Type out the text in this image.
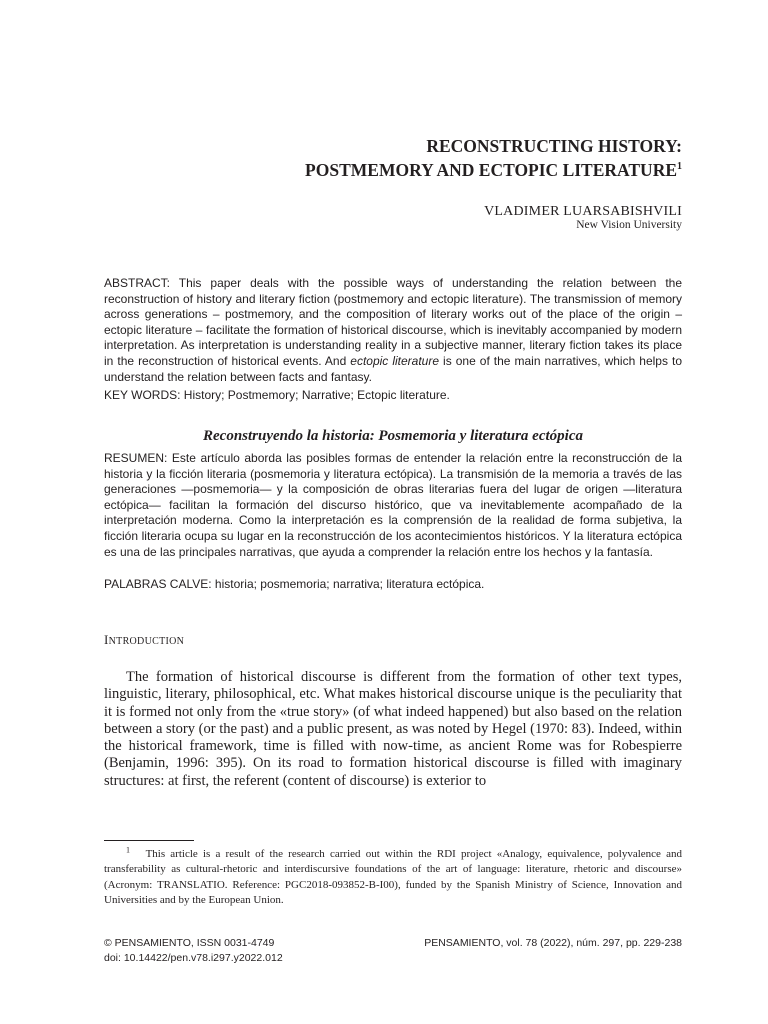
RECONSTRUCTING HISTORY:
POSTMEMORY AND ECTOPIC LITERATURE$^1$
VLADIMER LUARSABISHVILI
New Vision University

ABSTRACT: This paper deals with the possible ways of understanding the relation between the reconstruction of history and literary fiction (postmemory and ectopic literature). The transmission of memory across generations – postmemory, and the composition of literary works out of the place of the origin – ectopic literature – facilitate the formation of historical discourse, which is inevitably accompanied by modern interpretation. As interpretation is understanding reality in a subjective manner, literary fiction takes its place in the reconstruction of historical events. And ectopic literature is one of the main narratives, which helps to understand the relation between facts and fantasy.

KEY WORDS: History; Postmemory; Narrative; Ectopic literature.
Reconstruyendo la historia: Posmemoria y literatura ectópica

RESUMEN: Este artículo aborda las posibles formas de entender la relación entre la reconstrucción de la historia y la ficción literaria (posmemoria y literatura ectópica). La transmisión de la memoria a través de las generaciones —posmemoria— y la composición de obras literarias fuera del lugar de origen —literatura ectópica— facilitan la formación del discurso histórico, que va inevitablemente acompañado de la interpretación moderna. Como la interpretación es la comprensión de la realidad de forma subjetiva, la ficción literaria ocupa su lugar en la reconstrucción de los acontecimientos históricos. Y la literatura ectópica es una de las principales narrativas, que ayuda a comprender la relación entre los hechos y la fantasía.

PALABRAS CALVE: historia; posmemoria; narrativa; literatura ectópica.
INTRODUCTION

The formation of historical discourse is different from the formation of other text types, linguistic, literary, philosophical, etc. What makes historical discourse unique is the peculiarity that it is formed not only from the «true story» (of what indeed happened) but also based on the relation between a story (or the past) and a public present, as was noted by Hegel (1970: 83). Indeed, within the historical framework, time is filled with now-time, as ancient Rome was for Robespierre (Benjamin, 1996: 395). On its road to formation historical discourse is filled with imaginary structures: at first, the referent (content of discourse) is exterior to

$^1$ This article is a result of the research carried out within the RDI project «Analogy, equivalence, polyvalence and transferability as cultural-rhetoric and interdiscursive foundations of the art of language: literature, rhetoric and discourse» (Acronym: TRANSLATIO. Reference: PGC2018-093852-B-I00), funded by the Spanish Ministry of Science, Innovation and Universities and by the European Union.

© PENSAMIENTO, ISSN 0031-4749
doi: 10.14422/pen.v78.i297.y2022.012
PENSAMIENTO, vol. 78 (2022), núm. 297, pp. 229-238
